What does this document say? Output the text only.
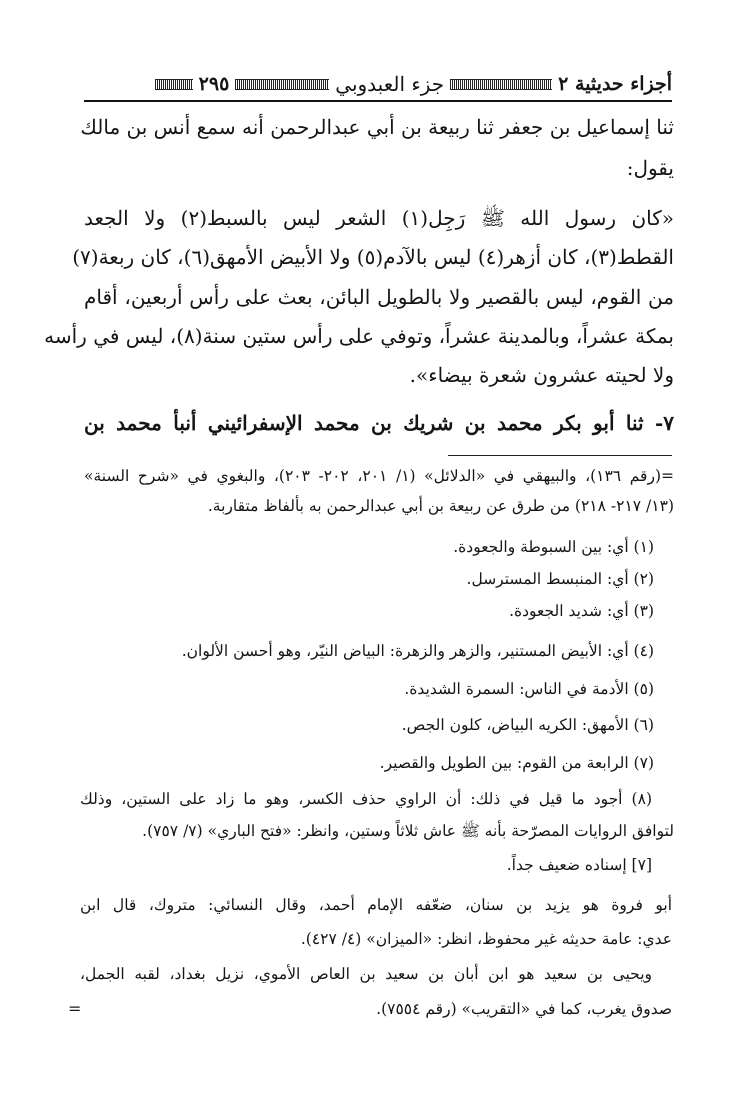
أجزاء حديثية ٢
جزء العبدوبي
٢٩٥
ثنا إسماعيل بن جعفر ثنا ربيعة بن أبي عبدالرحمن أنه سمع أنس بن مالك
يقول:
«كان رسول الله ﷺ رَجِل(١) الشعر ليس بالسبط(٢) ولا الجعد
القطط(٣)، كان أزهر(٤) ليس بالآدم(٥) ولا الأبيض الأمهق(٦)، كان ربعة(٧)
من القوم، ليس بالقصير ولا بالطويل البائن، بعث على رأس أربعين، أقام
بمكة عشراً، وبالمدينة عشراً، وتوفي على رأس ستين سنة(٨)، ليس في رأسه
ولا لحيته عشرون شعرة بيضاء».
٧- ثنا أبو بكر محمد بن شريك بن محمد الإسفرائيني أنبأ محمد بن
=(رقم ١٣٦)، والبيهقي في «الدلائل» (١/ ٢٠١، ٢٠٢- ٢٠٣)، والبغوي في «شرح السنة»
(١٣/ ٢١٧- ٢١٨) من طرق عن ربيعة بن أبي عبدالرحمن به بألفاظ متقاربة.
(١) أي: بين السبوطة والجعودة.
(٢) أي: المنبسط المسترسل.
(٣) أي: شديد الجعودة.
(٤) أي: الأبيض المستنير، والزهر والزهرة: البياض النيّر، وهو أحسن الألوان.
(٥) الأدمة في الناس: السمرة الشديدة.
(٦) الأمهق: الكريه البياض، كلون الجص.
(٧) الرابعة من القوم: بين الطويل والقصير.
(٨) أجود ما قيل في ذلك: أن الراوي حذف الكسر، وهو ما زاد على الستين، وذلك
لتوافق الروايات المصرّحة بأنه ﷺ عاش ثلاثاً وستين، وانظر: «فتح الباري» (٧/ ٧٥٧).
[٧] إسناده ضعيف جداً.
أبو فروة هو يزيد بن سنان، ضعّفه الإمام أحمد، وقال النسائي: متروك، قال ابن
عدي: عامة حديثه غير محفوظ، انظر: «الميزان» (٤/ ٤٢٧).
ويحيى بن سعيد هو ابن أبان بن سعيد بن العاص الأموي، نزيل بغداد، لقبه الجمل،
صدوق يغرب، كما في «التقريب» (رقم ٧٥٥٤).
=
